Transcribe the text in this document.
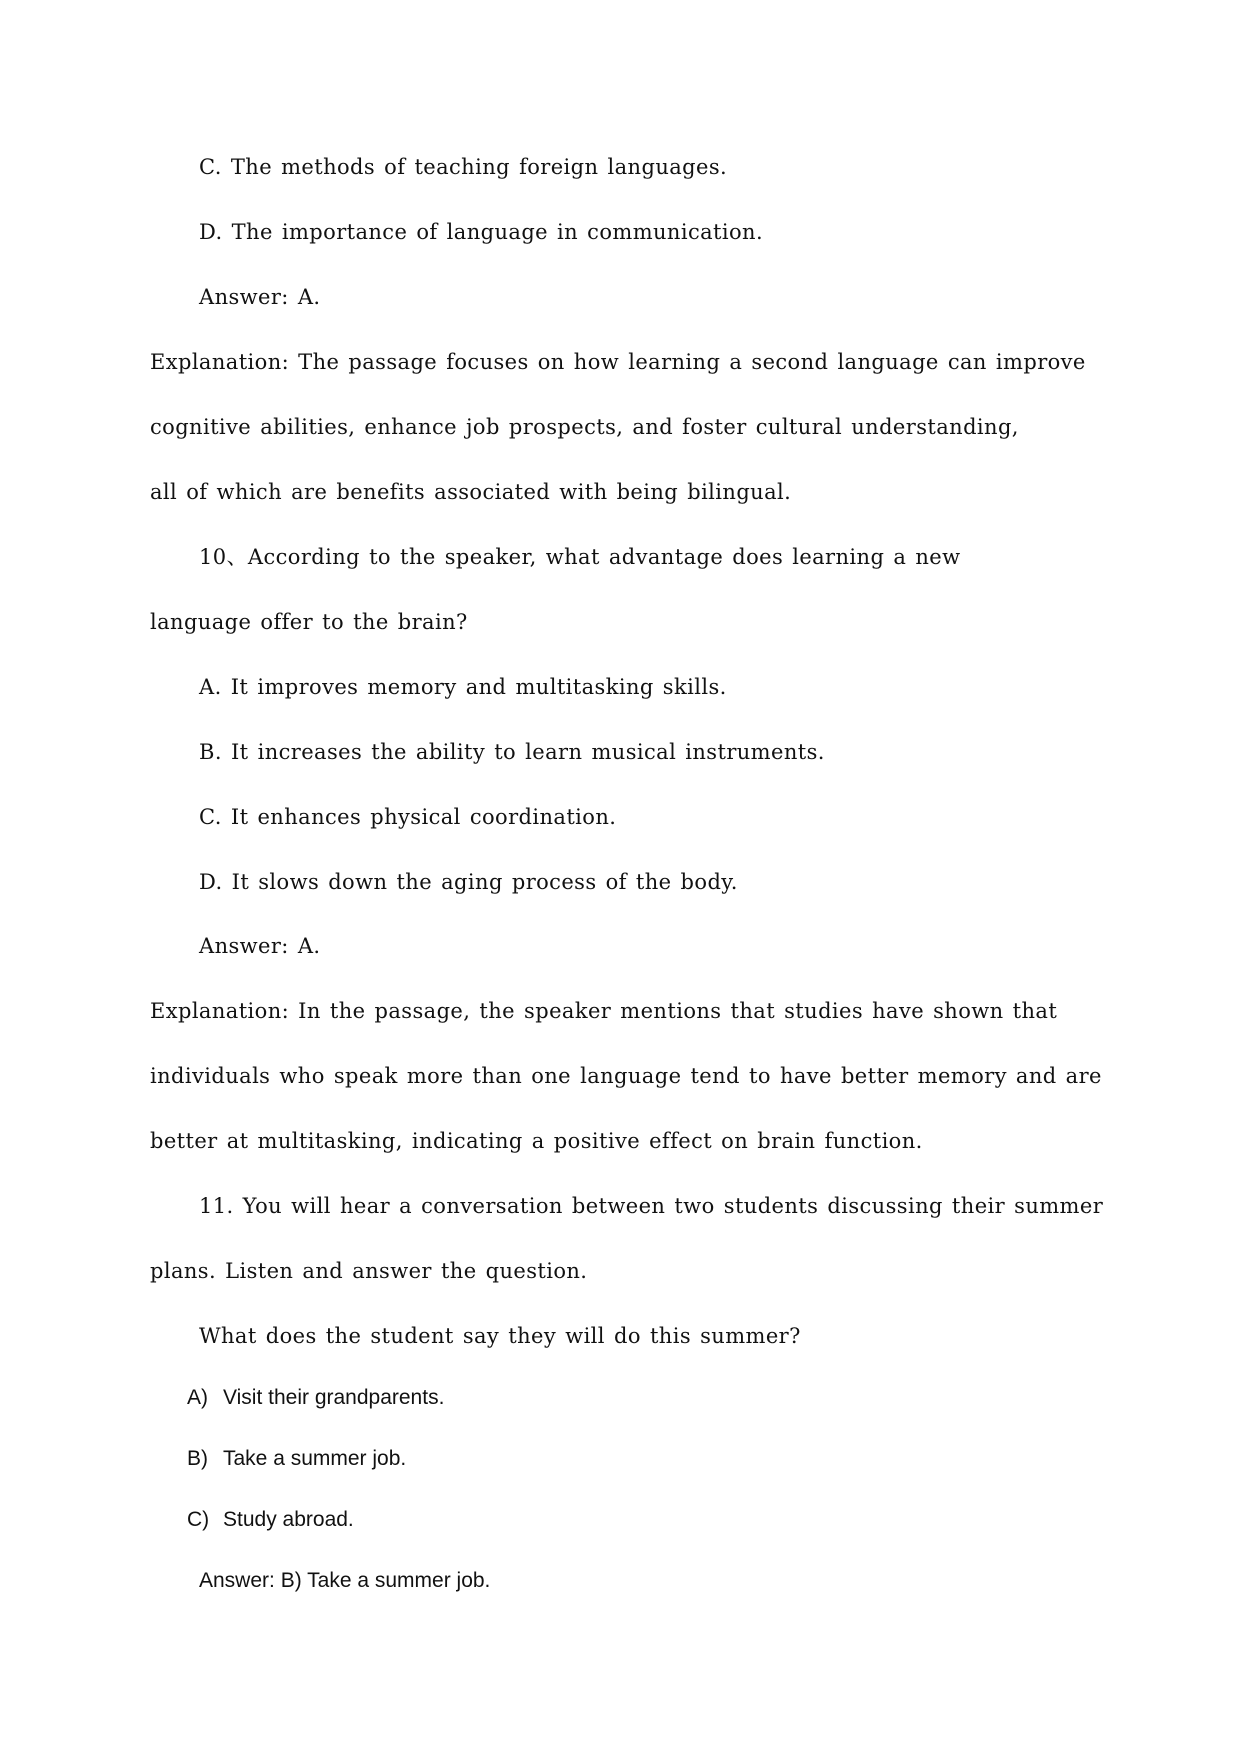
C. The methods of teaching foreign languages.
D. The importance of language in communication.
Answer: A.
Explanation: The passage focuses on how learning a second language can improve
cognitive abilities, enhance job prospects, and foster cultural understanding,
all of which are benefits associated with being bilingual.
10、According to the speaker, what advantage does learning a new
language offer to the brain?
A. It improves memory and multitasking skills.
B. It increases the ability to learn musical instruments.
C. It enhances physical coordination.
D. It slows down the aging process of the body.
Answer: A.
Explanation: In the passage, the speaker mentions that studies have shown that
individuals who speak more than one language tend to have better memory and are
better at multitasking, indicating a positive effect on brain function.
11. You will hear a conversation between two students discussing their summer
plans. Listen and answer the question.
What does the student say they will do this summer?
A) Visit their grandparents.
B) Take a summer job.
C) Study abroad.
Answer: B) Take a summer job.
